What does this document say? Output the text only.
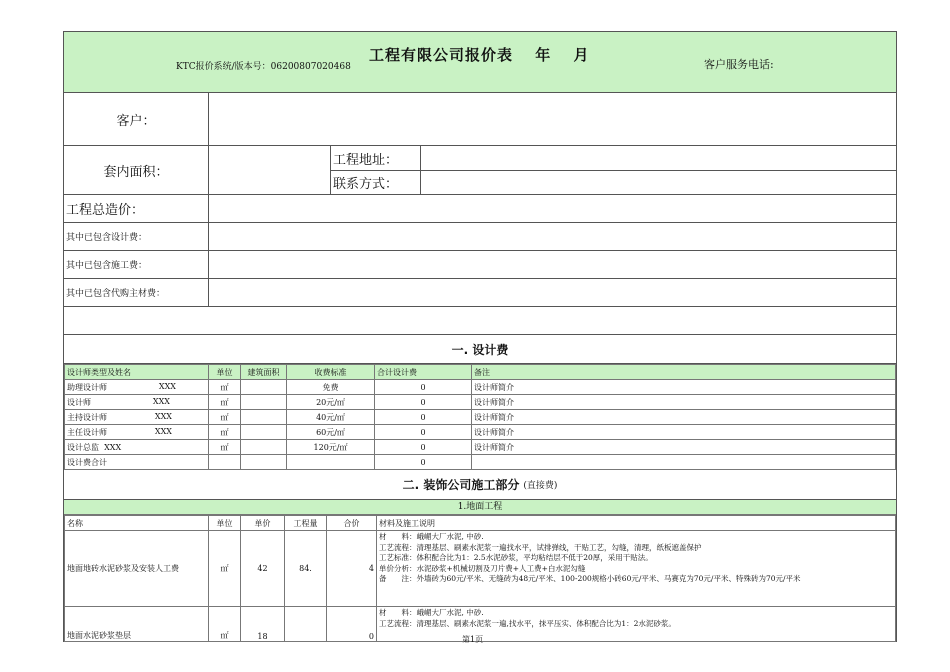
KTC报价系统/版本号：06200807020468
工程有限公司报价表　 年　 月
客户服务电话:
客户：
套内面积：
工程地址：
联系方式：
工程总造价：
其中已包含设计费：
其中已包含施工费：
其中已包含代购主材费：
一. 设计费
设计师类型及姓名	单位	建筑面积	收费标准	合计设计费	备注
助理设计师 XXX	㎡		免费	0	设计师简介
设计师 XXX	㎡		20元/㎡	0	设计师简介
主持设计师 XXX	㎡		40元/㎡	0	设计师简介
主任设计师 XXX	㎡		60元/㎡	0	设计师简介
设计总监 XXX	㎡		120元/㎡	0	设计师简介
设计费合计				0	
二. 装饰公司施工部分 (直接费)
1.地面工程
名称	单位	单价	工程量	合价	材料及施工说明
地面地砖水泥砂浆及安装人工费	㎡	42	84.	4	材　　料：峨嵋大厂水泥, 中砂.
工艺流程：清理基层、刷素水泥浆一遍找水平，试排弹线，干贴工艺，勾缝，清理，纸板遮盖保护
工艺标准：体积配合比为1：2.5水泥砂浆，平均粘结层不低于20厚，采用干贴法。
单价分析：水泥砂浆+机械切割及刀片费+人工费+白水泥勾缝
备　　注：外墙砖为60元/平米、无缝砖为48元/平米、100-200规格小砖60元/平米、马赛克为70元/平米、特殊砖为70元/平米

地面水泥砂浆垫层	㎡	18		0	材　　料：峨嵋大厂水泥, 中砂.
工艺流程：清理基层、刷素水泥浆一遍,找水平，抹平压实、体积配合比为1：2水泥砂浆。
第1页
